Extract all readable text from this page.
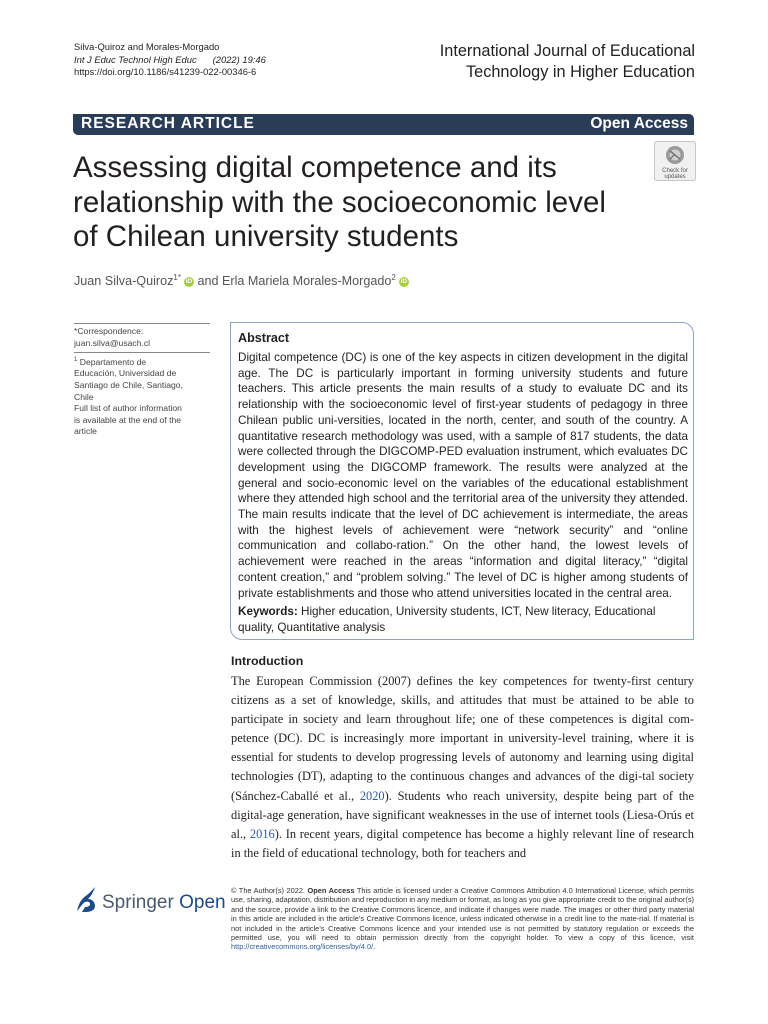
Silva‑Quiroz and Morales‑Morgado
Int J Educ Technol High Educ (2022) 19:46
https://doi.org/10.1186/s41239-022-00346-6
International Journal of Educational
Technology in Higher Education
RESEARCH ARTICLE	Open Access
Assessing digital competence and its
relationship with the socioeconomic level
of Chilean university students
Check for
updates
Juan Silva‑Quiroz$^{1*}$ iD and Erla Mariela Morales‑Morgado$^2$ iD
*Correspondence:
juan.silva@usach.cl
$^1$ Departamento de
Educación, Universidad de
Santiago de Chile, Santiago,
Chile
Full list of author information
is available at the end of the
article
Abstract
Digital competence (DC) is one of the key aspects in citizen development in the digital age. The DC is particularly important in forming university students and future teachers. This article presents the main results of a study to evaluate DC and its relationship with the socioeconomic level of first-year students of pedagogy in three Chilean public uni-versities, located in the north, center, and south of the country. A quantitative research methodology was used, with a sample of 817 students, the data were collected through the DIGCOMP-PED evaluation instrument, which evaluates DC development using the DIGCOMP framework. The results were analyzed at the general and socio-economic level on the variables of the educational establishment where they attended high school and the territorial area of the university they attended. The main results indicate that the level of DC achievement is intermediate, the areas with the highest levels of achievement were “network security” and “online communication and collabo-ration.” On the other hand, the lowest levels of achievement were reached in the areas “information and digital literacy,” “digital content creation,” and “problem solving.” The level of DC is higher among students of private establishments and those who attend universities located in the central area.
Keywords: Higher education, University students, ICT, New literacy, Educational quality, Quantitative analysis
Introduction
The European Commission (2007) defines the key competences for twenty-first century citizens as a set of knowledge, skills, and attitudes that must be attained to be able to participate in society and learn throughout life; one of these competences is digital com-petence (DC). DC is increasingly more important in university-level training, where it is essential for students to develop progressing levels of autonomy and learning using digital technologies (DT), adapting to the continuous changes and advances of the digi-tal society (Sánchez-Caballé et al., 2020). Students who reach university, despite being part of the digital-age generation, have significant weaknesses in the use of internet tools (Liesa-Orús et al., 2016). In recent years, digital competence has become a highly relevant line of research in the field of educational technology, both for teachers and
Springer Open
© The Author(s) 2022. Open Access This article is licensed under a Creative Commons Attribution 4.0 International License, which permits use, sharing, adaptation, distribution and reproduction in any medium or format, as long as you give appropriate credit to the original author(s) and the source, provide a link to the Creative Commons licence, and indicate if changes were made. The images or other third party material in this article are included in the article’s Creative Commons licence, unless indicated otherwise in a credit line to the mate-rial. If material is not included in the article’s Creative Commons licence and your intended use is not permitted by statutory regulation or exceeds the permitted use, you will need to obtain permission directly from the copyright holder. To view a copy of this licence, visit http://creativecommons.org/licenses/by/4.0/.
